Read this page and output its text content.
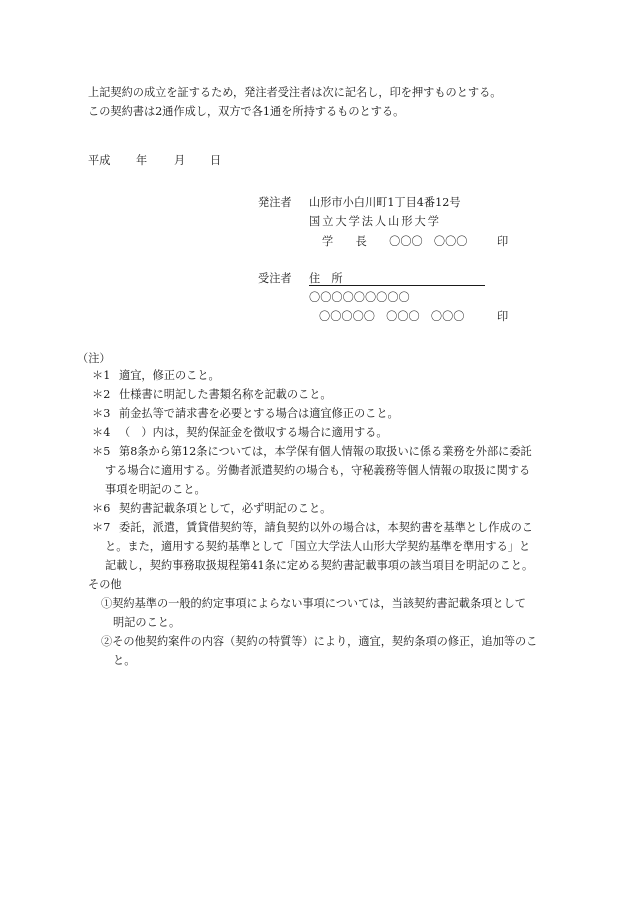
上記契約の成立を証するため，発注者受注者は次に記名し，印を押すものとする。
この契約書は2通作成し，双方で各1通を所持するものとする。
平成 年 月 日
発注者 山形市小白川町1丁目4番12号
国立大学法人山形大学
学　　長　　〇〇〇　〇〇〇	印
受注者 住　所
〇〇〇〇〇〇〇〇〇
〇〇〇〇〇　〇〇〇　〇〇〇	印
（注）
＊1 適宜，修正のこと。
＊2 仕様書に明記した書類名称を記載のこと。
＊3 前金払等で請求書を必要とする場合は適宜修正のこと。
＊4 （　）内は，契約保証金を徴収する場合に適用する。
＊5 第8条から第12条については，本学保有個人情報の取扱いに係る業務を外部に委託
する場合に適用する。労働者派遣契約の場合も，守秘義務等個人情報の取扱に関する
事項を明記のこと。
＊6 契約書記載条項として，必ず明記のこと。
＊7 委託，派遣，賃貸借契約等，請負契約以外の場合は，本契約書を基準とし作成のこ
と。また，適用する契約基準として「国立大学法人山形大学契約基準を準用する」と
記載し，契約事務取扱規程第41条に定める契約書記載事項の該当項目を明記のこと。
その他
①契約基準の一般的約定事項によらない事項については，当該契約書記載条項として
明記のこと。
②その他契約案件の内容（契約の特質等）により，適宜，契約条項の修正，追加等のこ
と。
